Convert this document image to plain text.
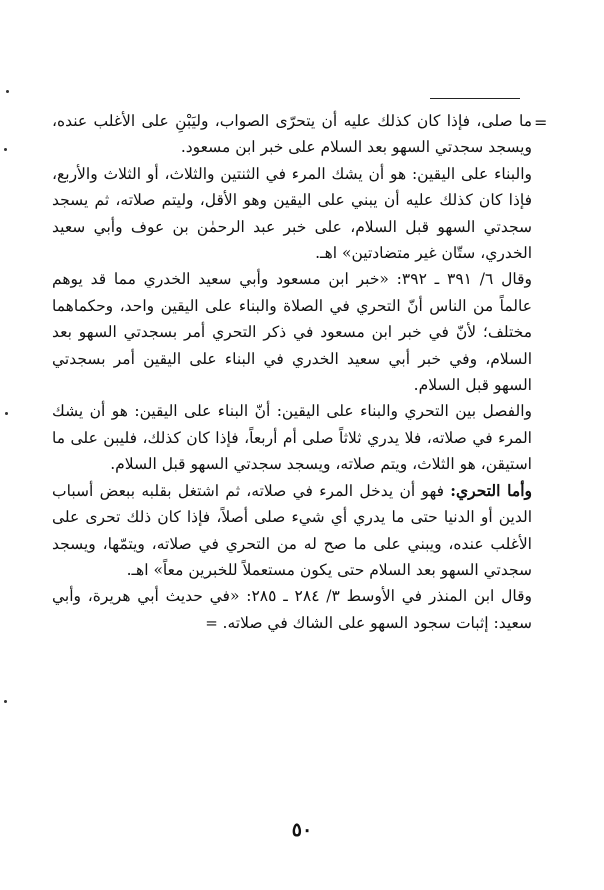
=

ما صلى، فإذا كان كذلك عليه أن يتحرّى الصواب، وليَبْنِ على الأغلب عنده، ويسجد سجدتي السهو بعد السلام على خبر ابن مسعود.

والبناء على اليقين: هو أن يشك المرء في الثنتين والثلاث، أو الثلاث والأربع، فإذا كان كذلك عليه أن يبني على اليقين وهو الأقل، وليتم صلاته، ثم يسجد سجدتي السهو قبل السلام، على خبر عبد الرحمٰن بن عوف وأبي سعيد الخدري، ستّان غير متضادتين» اهـ.

وقال ٦/ ٣٩١ ـ ٣٩٢: «خبر ابن مسعود وأبي سعيد الخدري مما قد يوهم عالماً من الناس أنّ التحري في الصلاة والبناء على اليقين واحد، وحكماهما مختلف؛ لأنّ في خبر ابن مسعود في ذكر التحري أمر بسجدتي السهو بعد السلام، وفي خبر أبي سعيد الخدري في البناء على اليقين أمر بسجدتي السهو قبل السلام.

والفصل بين التحري والبناء على اليقين: أنّ البناء على اليقين: هو أن يشك المرء في صلاته، فلا يدري ثلاثاً صلى أم أربعاً، فإذا كان كذلك، فليبن على ما استيقن، هو الثلاث، ويتم صلاته، ويسجد سجدتي السهو قبل السلام.

وأما التحري: فهو أن يدخل المرء في صلاته، ثم اشتغل بقلبه ببعض أسباب الدين أو الدنيا حتى ما يدري أي شيء صلى أصلاً، فإذا كان ذلك تحرى على الأغلب عنده، ويبني على ما صح له من التحري في صلاته، ويتمّها، ويسجد سجدتي السهو بعد السلام حتى يكون مستعملاً للخبرين معاً» اهـ.

وقال ابن المنذر في الأوسط ٣/ ٢٨٤ ـ ٢٨٥: «في حديث أبي هريرة، وأبي سعيد: إثبات سجود السهو على الشاك في صلاته. =

٥٠
